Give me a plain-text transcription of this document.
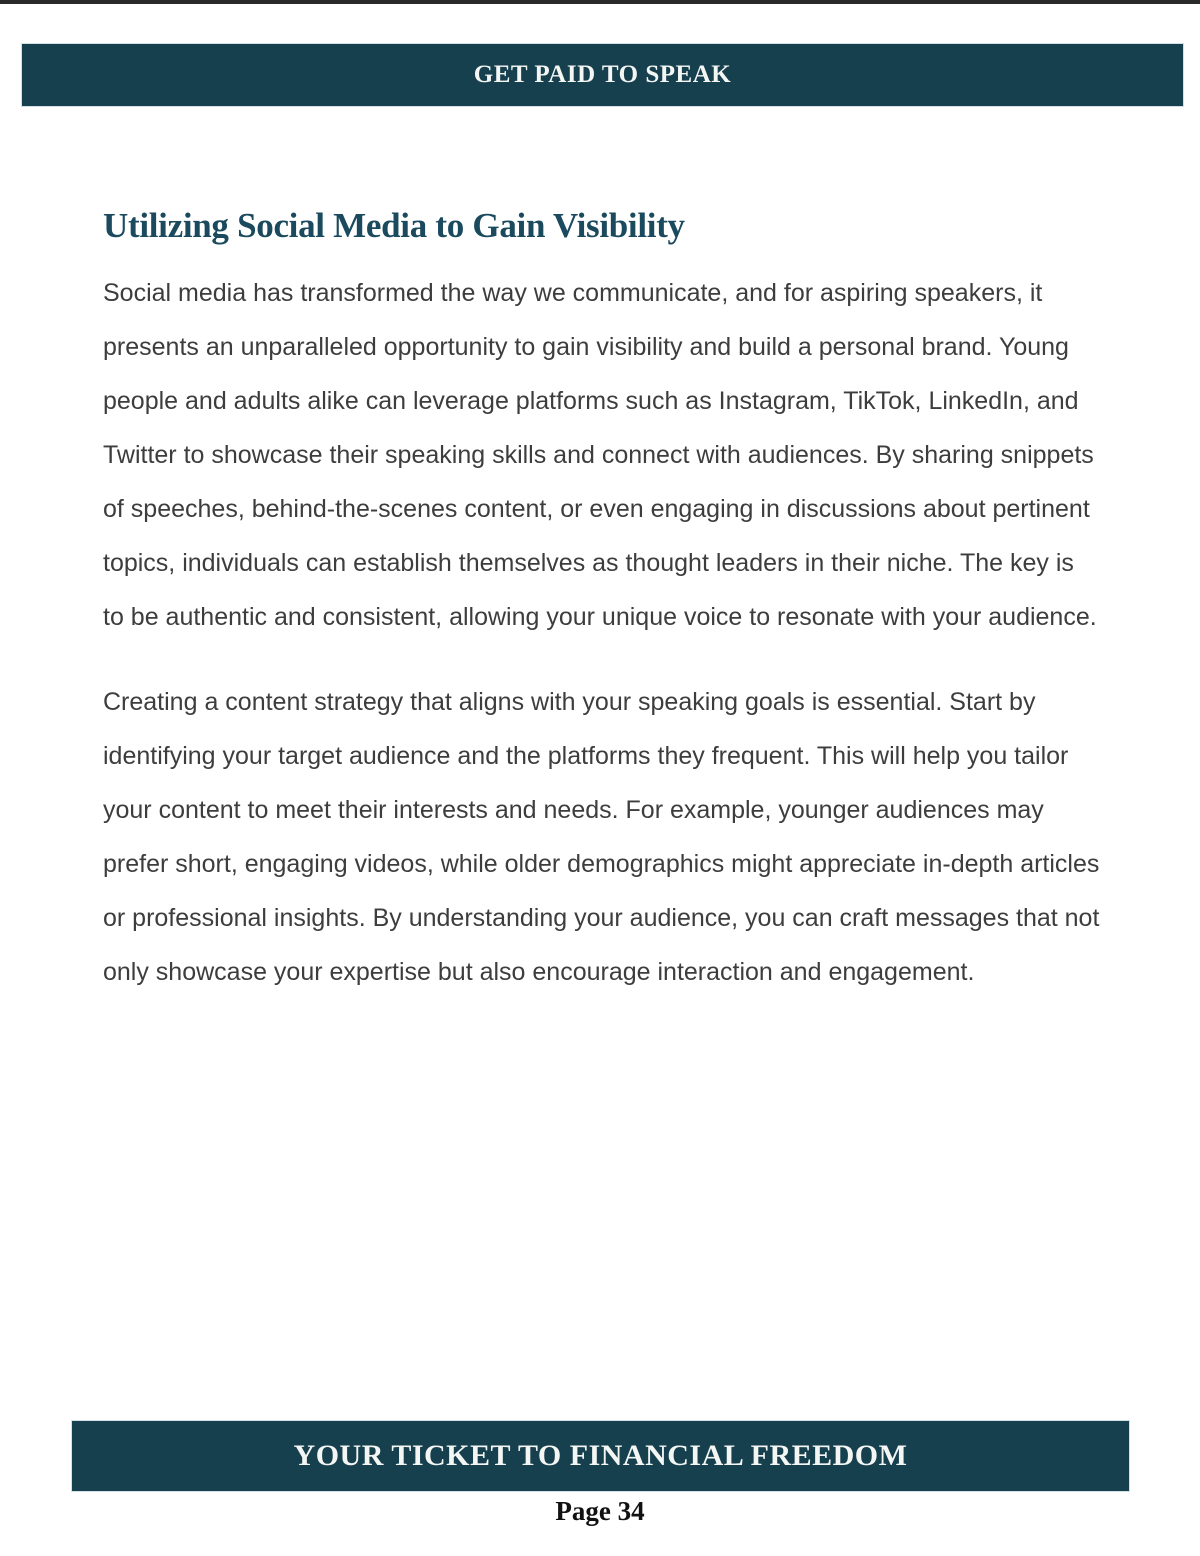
GET PAID TO SPEAK
Utilizing Social Media to Gain Visibility

Social media has transformed the way we communicate, and for aspiring speakers, it presents an unparalleled opportunity to gain visibility and build a personal brand. Young people and adults alike can leverage platforms such as Instagram, TikTok, LinkedIn, and Twitter to showcase their speaking skills and connect with audiences. By sharing snippets of speeches, behind-the-scenes content, or even engaging in discussions about pertinent topics, individuals can establish themselves as thought leaders in their niche. The key is to be authentic and consistent, allowing your unique voice to resonate with your audience.

Creating a content strategy that aligns with your speaking goals is essential. Start by identifying your target audience and the platforms they frequent. This will help you tailor your content to meet their interests and needs. For example, younger audiences may prefer short, engaging videos, while older demographics might appreciate in-depth articles or professional insights. By understanding your audience, you can craft messages that not only showcase your expertise but also encourage interaction and engagement.

YOUR TICKET TO FINANCIAL FREEDOM
Page 34
